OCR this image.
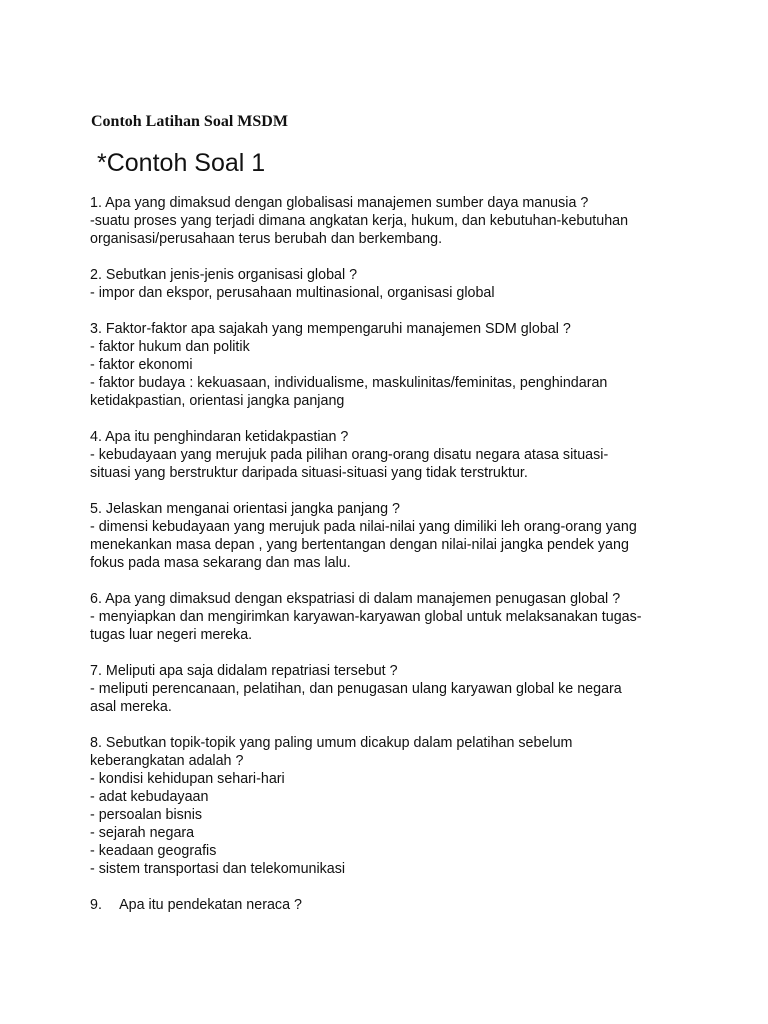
Contoh Latihan Soal MSDM
*Contoh Soal 1

1. Apa yang dimaksud dengan globalisasi manajemen sumber daya manusia ?

-suatu proses yang terjadi dimana angkatan kerja, hukum, dan kebutuhan-kebutuhan

organisasi/perusahaan terus berubah dan berkembang.

2. Sebutkan jenis-jenis organisasi global ?

- impor dan ekspor, perusahaan multinasional, organisasi global

3. Faktor-faktor apa sajakah yang mempengaruhi manajemen SDM global ?

- faktor hukum dan politik

- faktor ekonomi

- faktor budaya : kekuasaan, individualisme, maskulinitas/feminitas, penghindaran

ketidakpastian, orientasi jangka panjang

4. Apa itu penghindaran ketidakpastian ?

- kebudayaan yang merujuk pada pilihan orang-orang disatu negara atasa situasi-

situasi yang berstruktur daripada situasi-situasi yang tidak terstruktur.

5. Jelaskan menganai orientasi jangka panjang ?

- dimensi kebudayaan yang merujuk pada nilai-nilai yang dimiliki leh orang-orang yang

menekankan masa depan , yang bertentangan dengan nilai-nilai jangka pendek yang

fokus pada masa sekarang dan mas lalu.

6. Apa yang dimaksud dengan ekspatriasi di dalam manajemen penugasan global ?

- menyiapkan dan mengirimkan karyawan-karyawan global untuk melaksanakan tugas-

tugas luar negeri mereka.

7. Meliputi apa saja didalam repatriasi tersebut ?

- meliputi perencanaan, pelatihan, dan penugasan ulang karyawan global ke negara

asal mereka.

8. Sebutkan topik-topik yang paling umum dicakup dalam pelatihan sebelum

keberangkatan adalah ?

- kondisi kehidupan sehari-hari

- adat kebudayaan

- persoalan bisnis

- sejarah negara

- keadaan geografis

- sistem transportasi dan telekomunikasi

9. Apa itu pendekatan neraca ?
